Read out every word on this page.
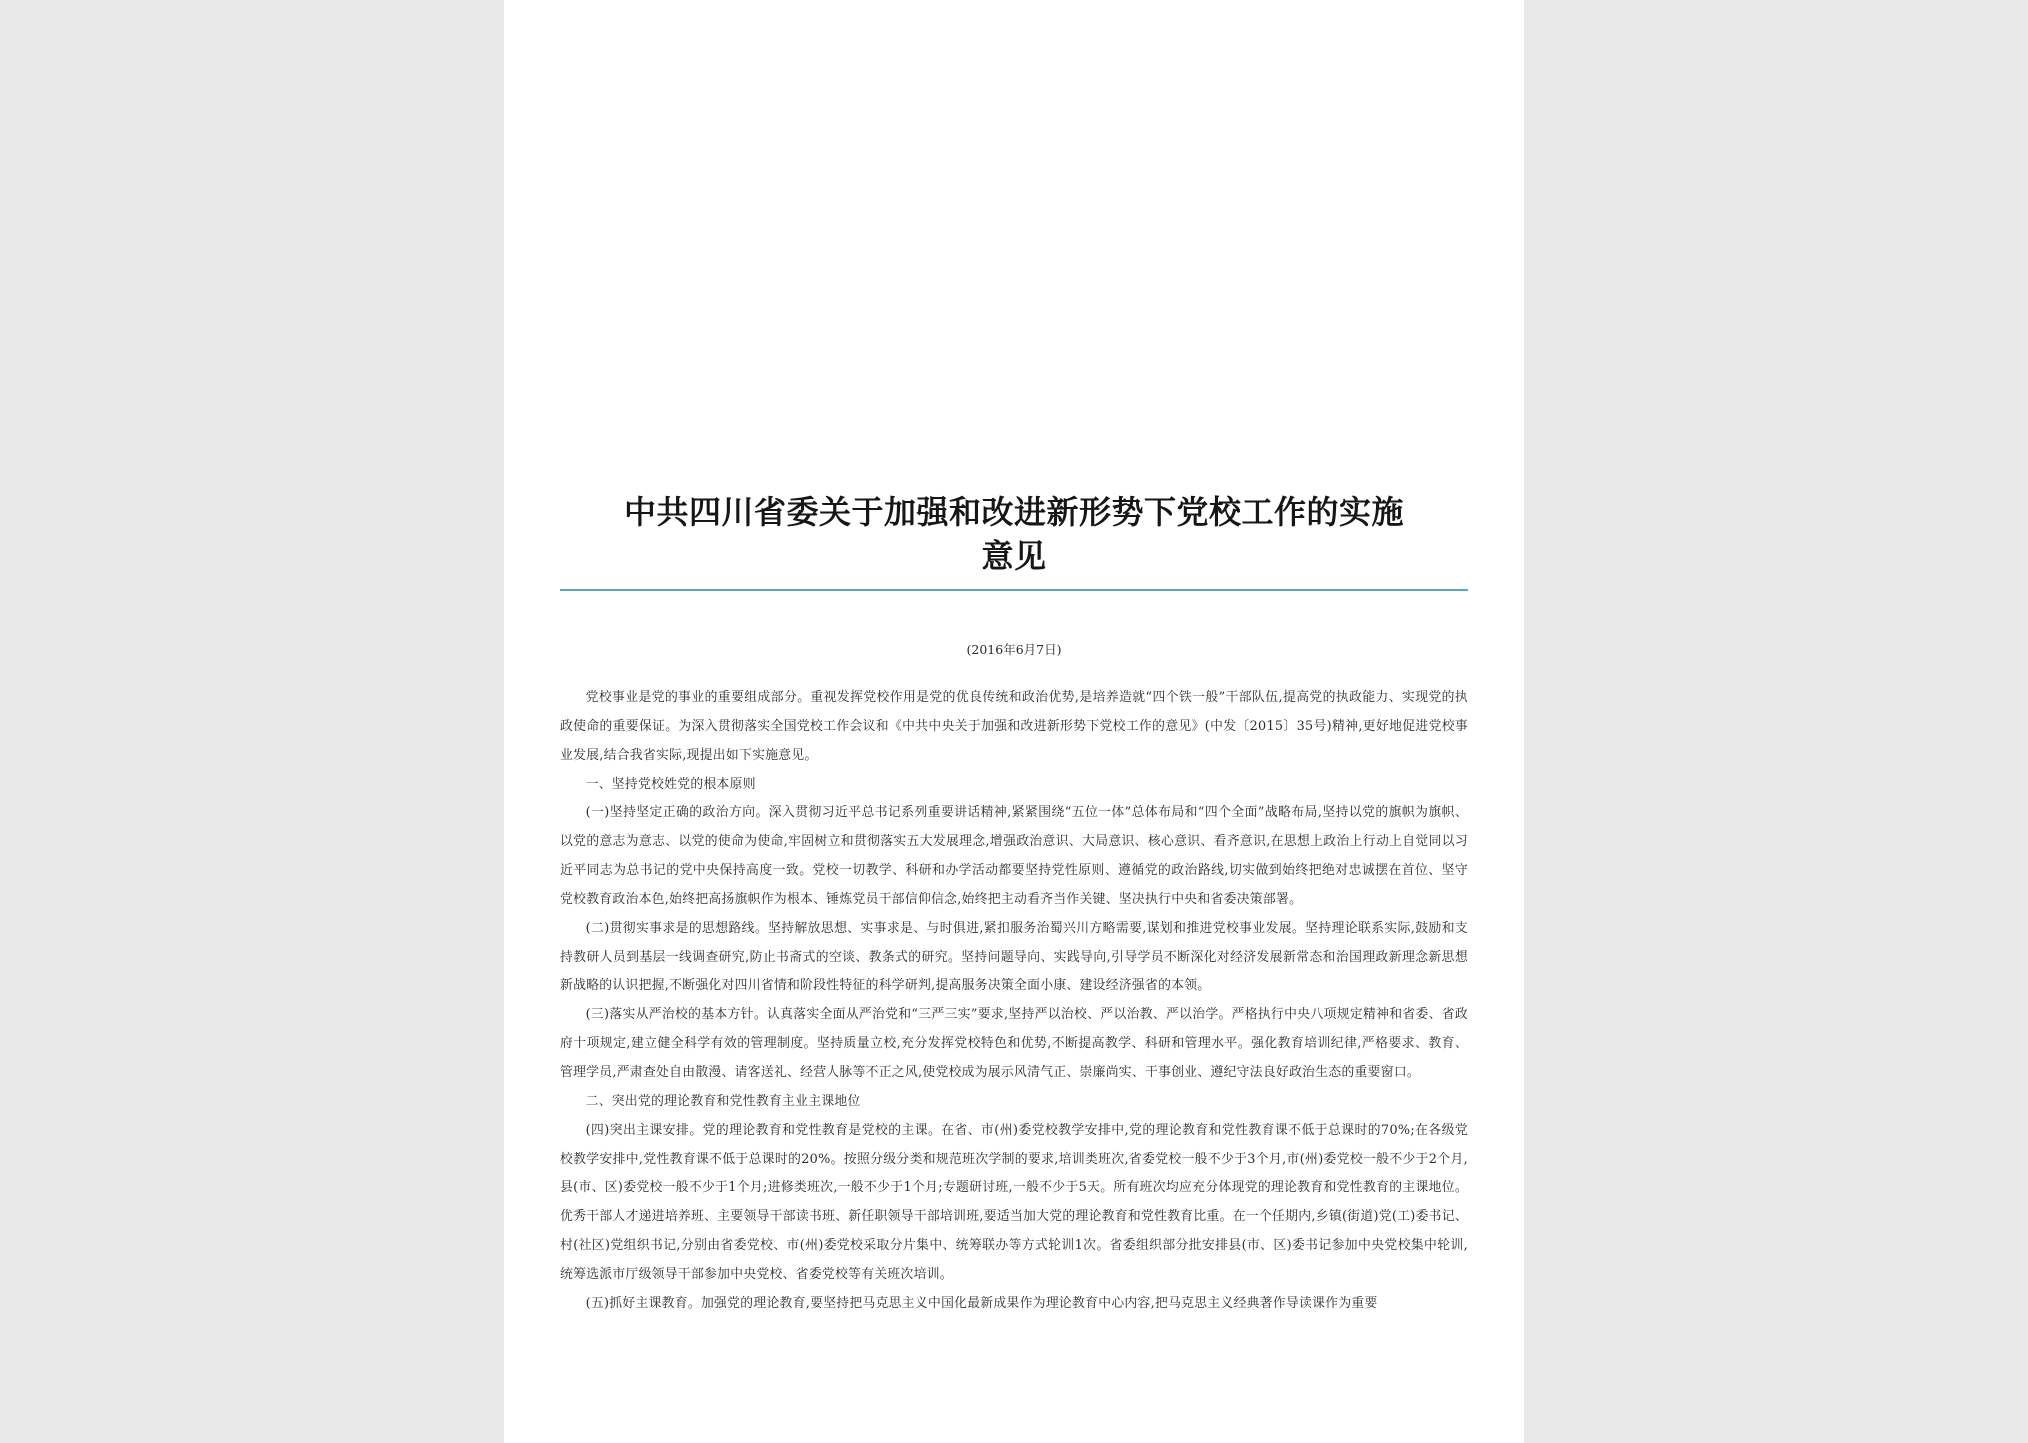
中共四川省委关于加强和改进新形势下党校工作的实施
意见
(2016年6月7日)

党校事业是党的事业的重要组成部分。重视发挥党校作用是党的优良传统和政治优势,是培养造就“四个铁一般”干部队伍,提高党的执政能力、实现党的执政使命的重要保证。为深入贯彻落实全国党校工作会议和《中共中央关于加强和改进新形势下党校工作的意见》(中发〔2015〕35号)精神,更好地促进党校事业发展,结合我省实际,现提出如下实施意见。

一、坚持党校姓党的根本原则

(一)坚持坚定正确的政治方向。深入贯彻习近平总书记系列重要讲话精神,紧紧围绕“五位一体”总体布局和“四个全面”战略布局,坚持以党的旗帜为旗帜、以党的意志为意志、以党的使命为使命,牢固树立和贯彻落实五大发展理念,增强政治意识、大局意识、核心意识、看齐意识,在思想上政治上行动上自觉同以习近平同志为总书记的党中央保持高度一致。党校一切教学、科研和办学活动都要坚持党性原则、遵循党的政治路线,切实做到始终把绝对忠诚摆在首位、坚守党校教育政治本色,始终把高扬旗帜作为根本、锤炼党员干部信仰信念,始终把主动看齐当作关键、坚决执行中央和省委决策部署。

(二)贯彻实事求是的思想路线。坚持解放思想、实事求是、与时俱进,紧扣服务治蜀兴川方略需要,谋划和推进党校事业发展。坚持理论联系实际,鼓励和支持教研人员到基层一线调查研究,防止书斋式的空谈、教条式的研究。坚持问题导向、实践导向,引导学员不断深化对经济发展新常态和治国理政新理念新思想新战略的认识把握,不断强化对四川省情和阶段性特征的科学研判,提高服务决策全面小康、建设经济强省的本领。

(三)落实从严治校的基本方针。认真落实全面从严治党和“三严三实”要求,坚持严以治校、严以治教、严以治学。严格执行中央八项规定精神和省委、省政府十项规定,建立健全科学有效的管理制度。坚持质量立校,充分发挥党校特色和优势,不断提高教学、科研和管理水平。强化教育培训纪律,严格要求、教育、管理学员,严肃查处自由散漫、请客送礼、经营人脉等不正之风,使党校成为展示风清气正、崇廉尚实、干事创业、遵纪守法良好政治生态的重要窗口。

二、突出党的理论教育和党性教育主业主课地位

(四)突出主课安排。党的理论教育和党性教育是党校的主课。在省、市(州)委党校教学安排中,党的理论教育和党性教育课不低于总课时的70%;在各级党校教学安排中,党性教育课不低于总课时的20%。按照分级分类和规范班次学制的要求,培训类班次,省委党校一般不少于3个月,市(州)委党校一般不少于2个月,县(市、区)委党校一般不少于1个月;进修类班次,一般不少于1个月;专题研讨班,一般不少于5天。所有班次均应充分体现党的理论教育和党性教育的主课地位。优秀干部人才递进培养班、主要领导干部读书班、新任职领导干部培训班,要适当加大党的理论教育和党性教育比重。在一个任期内,乡镇(街道)党(工)委书记、村(社区)党组织书记,分别由省委党校、市(州)委党校采取分片集中、统筹联办等方式轮训1次。省委组织部分批安排县(市、区)委书记参加中央党校集中轮训,统筹选派市厅级领导干部参加中央党校、省委党校等有关班次培训。

(五)抓好主课教育。加强党的理论教育,要坚持把马克思主义中国化最新成果作为理论教育中心内容,把马克思主义经典著作导读课作为重要
